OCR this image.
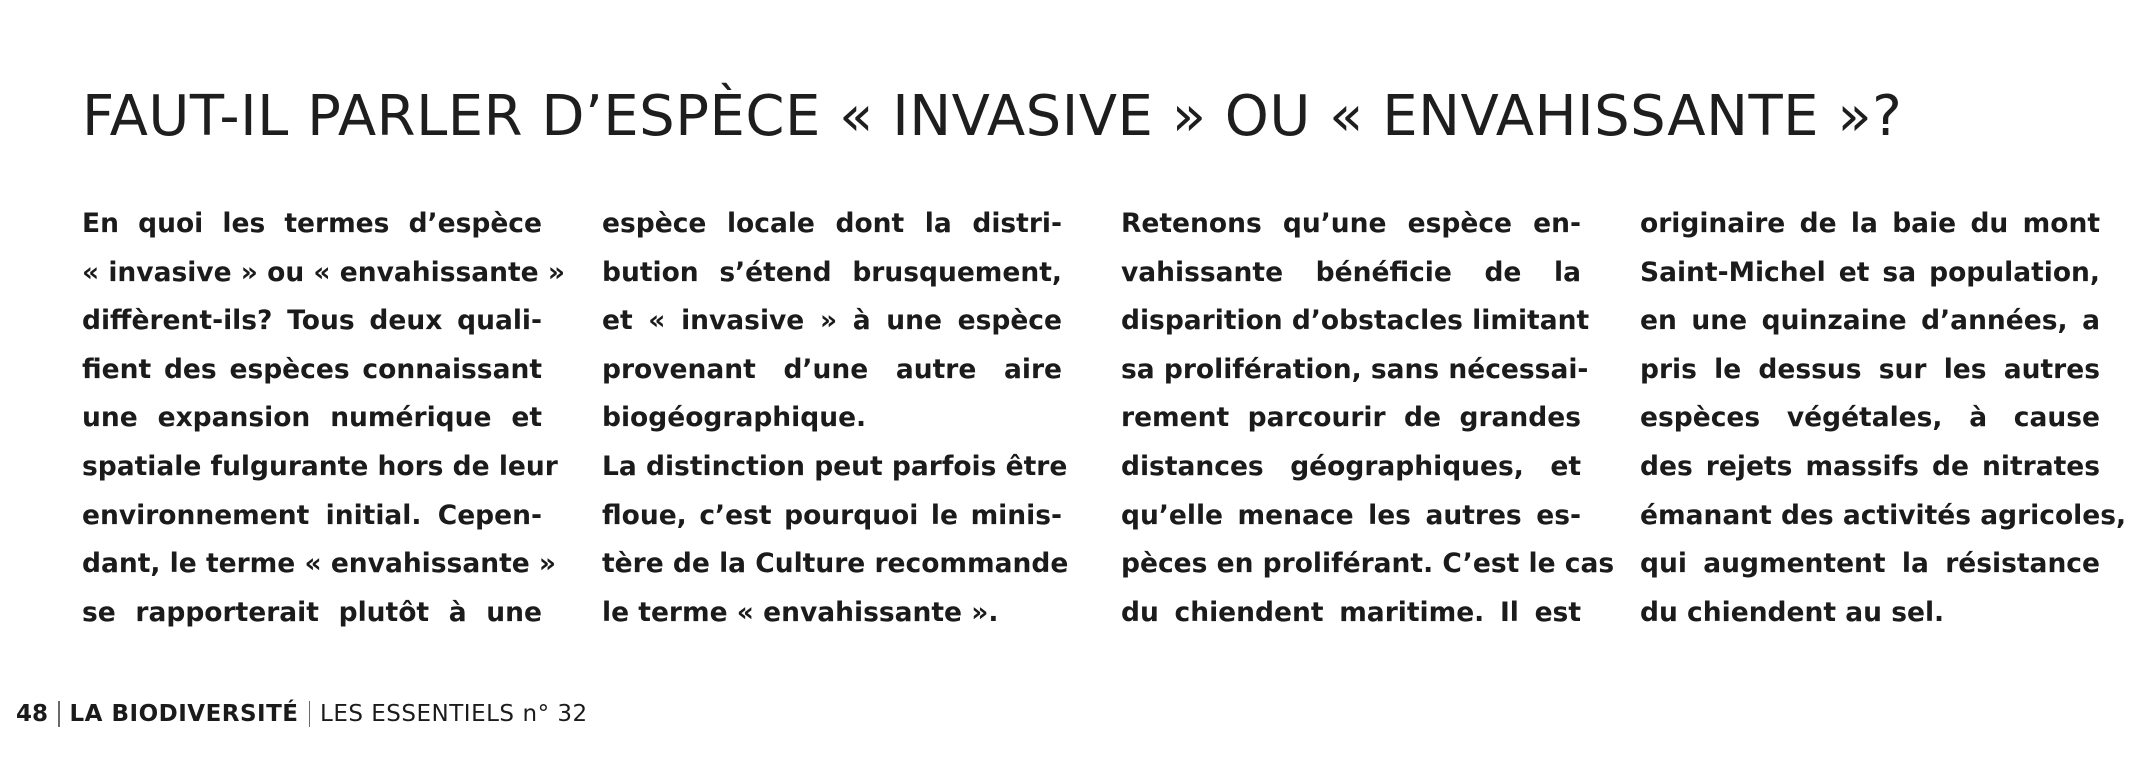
FAUT-IL PARLER D’ESPÈCE « INVASIVE » OU « ENVAHISSANTE »?
En quoi les termes d’espèce
« invasive » ou « envahissante »
diffèrent-ils? Tous deux quali-
fient des espèces connaissant
une expansion numérique et
spatiale fulgurante hors de leur
environnement initial. Cepen-
dant, le terme « envahissante »
se rapporterait plutôt à une
espèce locale dont la distri-
bution s’étend brusquement,
et « invasive » à une espèce
provenant d’une autre aire
biogéographique.
La distinction peut parfois être
floue, c’est pourquoi le minis-
tère de la Culture recommande
le terme « envahissante ».
Retenons qu’une espèce en-
vahissante bénéficie de la
disparition d’obstacles limitant
sa prolifération, sans nécessai-
rement parcourir de grandes
distances géographiques, et
qu’elle menace les autres es-
pèces en proliférant. C’est le cas
du chiendent maritime. Il est
originaire de la baie du mont
Saint-Michel et sa population,
en une quinzaine d’années, a
pris le dessus sur les autres
espèces végétales, à cause
des rejets massifs de nitrates
émanant des activités agricoles,
qui augmentent la résistance
du chiendent au sel.
48 LA BIODIVERSITÉ LES ESSENTIELS n° 32
